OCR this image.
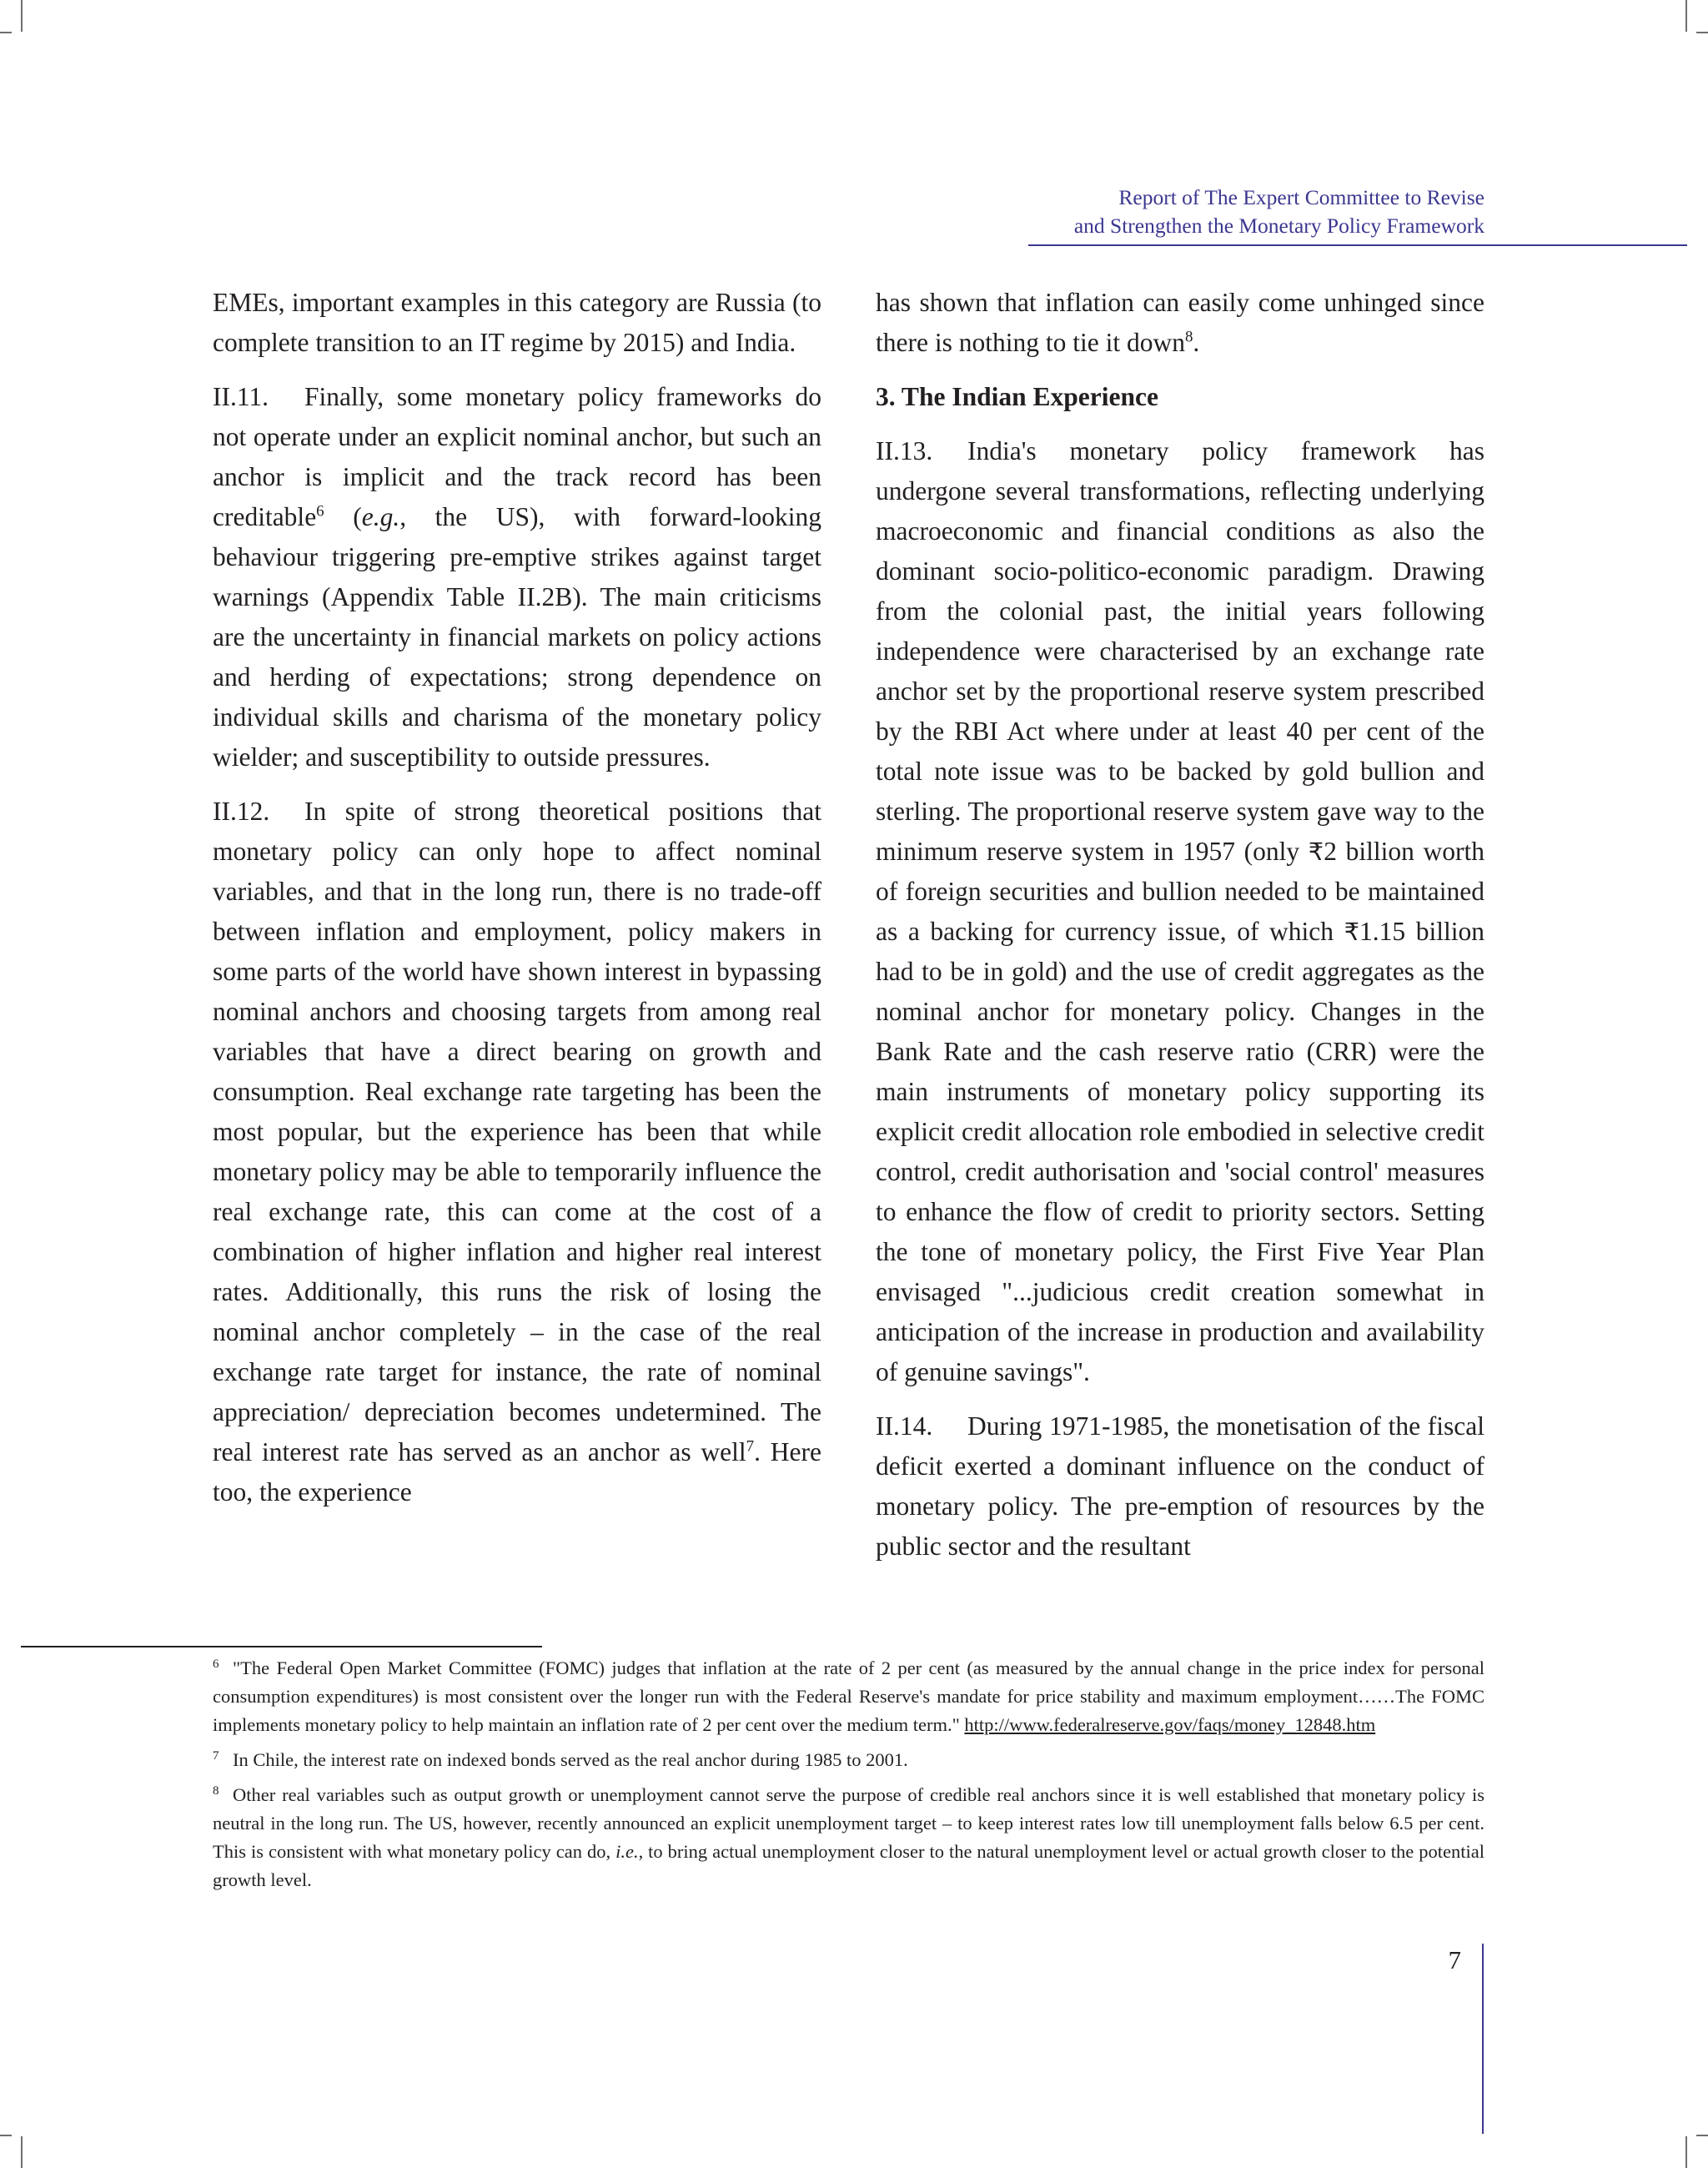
Report of The Expert Committee to Revise
and Strengthen the Monetary Policy Framework

EMEs, important examples in this category are Russia (to complete transition to an IT regime by 2015) and India.

II.11. Finally, some monetary policy frameworks do not operate under an explicit nominal anchor, but such an anchor is implicit and the track record has been creditable$^6$ (e.g., the US), with forward-looking behaviour triggering pre-emptive strikes against target warnings (Appendix Table II.2B). The main criticisms are the uncertainty in financial markets on policy actions and herding of expectations; strong dependence on individual skills and charisma of the monetary policy wielder; and susceptibility to outside pressures.

II.12. In spite of strong theoretical positions that monetary policy can only hope to affect nominal variables, and that in the long run, there is no trade-off between inflation and employment, policy makers in some parts of the world have shown interest in bypassing nominal anchors and choosing targets from among real variables that have a direct bearing on growth and consumption. Real exchange rate targeting has been the most popular, but the experience has been that while monetary policy may be able to temporarily influence the real exchange rate, this can come at the cost of a combination of higher inflation and higher real interest rates. Additionally, this runs the risk of losing the nominal anchor completely – in the case of the real exchange rate target for instance, the rate of nominal appreciation/ depreciation becomes undetermined. The real interest rate has served as an anchor as well$^7$. Here too, the experience

has shown that inflation can easily come unhinged since there is nothing to tie it down$^8$.

3. The Indian Experience

II.13. India's monetary policy framework has undergone several transformations, reflecting underlying macroeconomic and financial conditions as also the dominant socio-politico-economic paradigm. Drawing from the colonial past, the initial years following independence were characterised by an exchange rate anchor set by the proportional reserve system prescribed by the RBI Act where under at least 40 per cent of the total note issue was to be backed by gold bullion and sterling. The proportional reserve system gave way to the minimum reserve system in 1957 (only ₹2 billion worth of foreign securities and bullion needed to be maintained as a backing for currency issue, of which ₹1.15 billion had to be in gold) and the use of credit aggregates as the nominal anchor for monetary policy. Changes in the Bank Rate and the cash reserve ratio (CRR) were the main instruments of monetary policy supporting its explicit credit allocation role embodied in selective credit control, credit authorisation and 'social control' measures to enhance the flow of credit to priority sectors. Setting the tone of monetary policy, the First Five Year Plan envisaged "...judicious credit creation somewhat in anticipation of the increase in production and availability of genuine savings".

II.14. During 1971-1985, the monetisation of the fiscal deficit exerted a dominant influence on the conduct of monetary policy. The pre-emption of resources by the public sector and the resultant

6 "The Federal Open Market Committee (FOMC) judges that inflation at the rate of 2 per cent (as measured by the annual change in the price index for personal consumption expenditures) is most consistent over the longer run with the Federal Reserve's mandate for price stability and maximum employment……The FOMC implements monetary policy to help maintain an inflation rate of 2 per cent over the medium term." http://www.federalreserve.gov/faqs/money_12848.htm

7 In Chile, the interest rate on indexed bonds served as the real anchor during 1985 to 2001.

8 Other real variables such as output growth or unemployment cannot serve the purpose of credible real anchors since it is well established that monetary policy is neutral in the long run. The US, however, recently announced an explicit unemployment target – to keep interest rates low till unemployment falls below 6.5 per cent. This is consistent with what monetary policy can do, i.e., to bring actual unemployment closer to the natural unemployment level or actual growth closer to the potential growth level.

7
